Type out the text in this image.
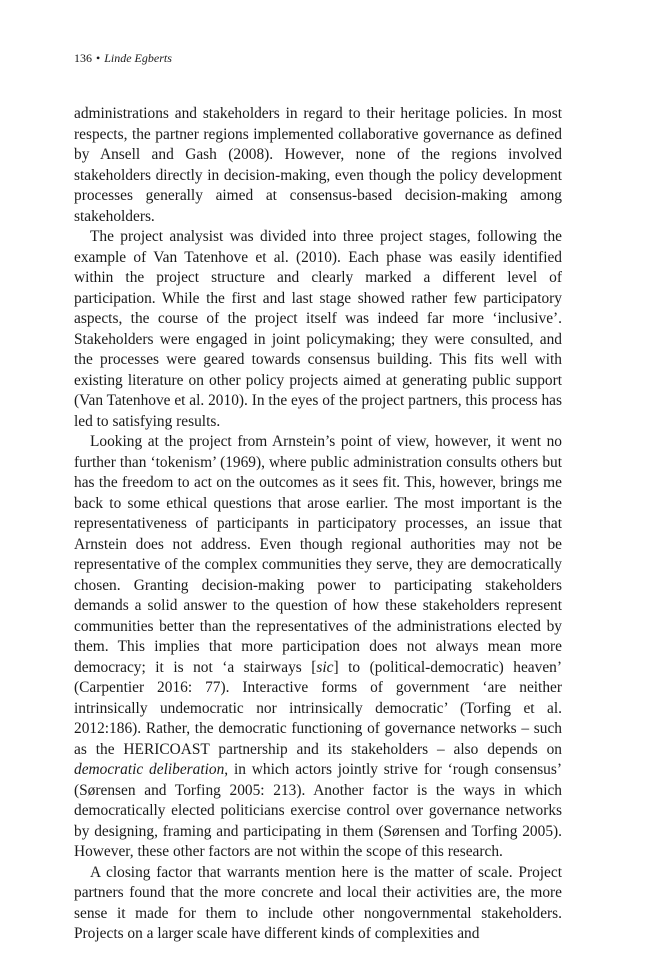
136 • Linde Egberts

administrations and stakeholders in regard to their heritage policies. In most respects, the partner regions implemented collaborative governance as defined by Ansell and Gash (2008). However, none of the regions involved stakeholders directly in decision-making, even though the policy development processes generally aimed at consensus-based decision-making among stakeholders.

The project analysist was divided into three project stages, following the example of Van Tatenhove et al. (2010). Each phase was easily identified within the project structure and clearly marked a different level of participation. While the first and last stage showed rather few participatory aspects, the course of the project itself was indeed far more ‘inclusive’. Stakeholders were engaged in joint policymaking; they were consulted, and the processes were geared towards consensus building. This fits well with existing literature on other policy projects aimed at generating public support (Van Tatenhove et al. 2010). In the eyes of the project partners, this process has led to satisfying results.

Looking at the project from Arnstein’s point of view, however, it went no further than ‘tokenism’ (1969), where public administration consults others but has the freedom to act on the outcomes as it sees fit. This, however, brings me back to some ethical questions that arose earlier. The most important is the representativeness of participants in participatory processes, an issue that Arnstein does not address. Even though regional authorities may not be representative of the complex communities they serve, they are democratically chosen. Granting decision-making power to participating stakeholders demands a solid answer to the question of how these stakeholders represent communities better than the representatives of the administrations elected by them. This implies that more participation does not always mean more democracy; it is not ‘a stairways [sic] to (political-democratic) heaven’ (Carpentier 2016: 77). Interactive forms of government ‘are neither intrinsically undemocratic nor intrinsically democratic’ (Torfing et al. 2012:186). Rather, the democratic functioning of governance networks – such as the HERICOAST partnership and its stakeholders – also depends on democratic deliberation, in which actors jointly strive for ‘rough consensus’ (Sørensen and Torfing 2005: 213). Another factor is the ways in which democratically elected politicians exercise control over governance networks by designing, framing and participating in them (Sørensen and Torfing 2005). However, these other factors are not within the scope of this research.

A closing factor that warrants mention here is the matter of scale. Project partners found that the more concrete and local their activities are, the more sense it made for them to include other nongovernmental stakeholders. Projects on a larger scale have different kinds of complexities and
